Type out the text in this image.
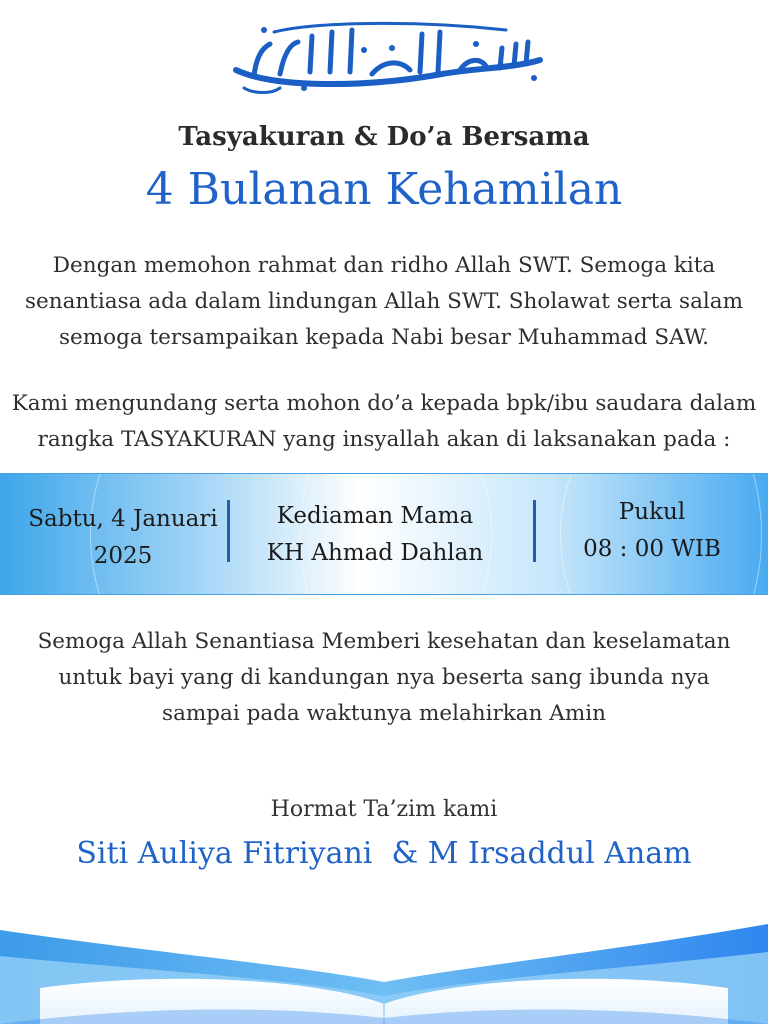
Tasyakuran & Do’a Bersama
4 Bulanan Kehamilan
Dengan memohon rahmat dan ridho Allah SWT. Semoga kita
senantiasa ada dalam lindungan Allah SWT. Sholawat serta salam
semoga tersampaikan kepada Nabi besar Muhammad SAW.
Kami mengundang serta mohon do’a kepada bpk/ibu saudara dalam
rangka TASYAKURAN yang insyallah akan di laksanakan pada :
Sabtu, 4 Januari
2025
Kediaman Mama
KH Ahmad Dahlan
Pukul
08 : 00 WIB
Semoga Allah Senantiasa Memberi kesehatan dan keselamatan
untuk bayi yang di kandungan nya beserta sang ibunda nya
sampai pada waktunya melahirkan Amin
Hormat Ta’zim kami
Siti Auliya Fitriyani  & M Irsaddul Anam
